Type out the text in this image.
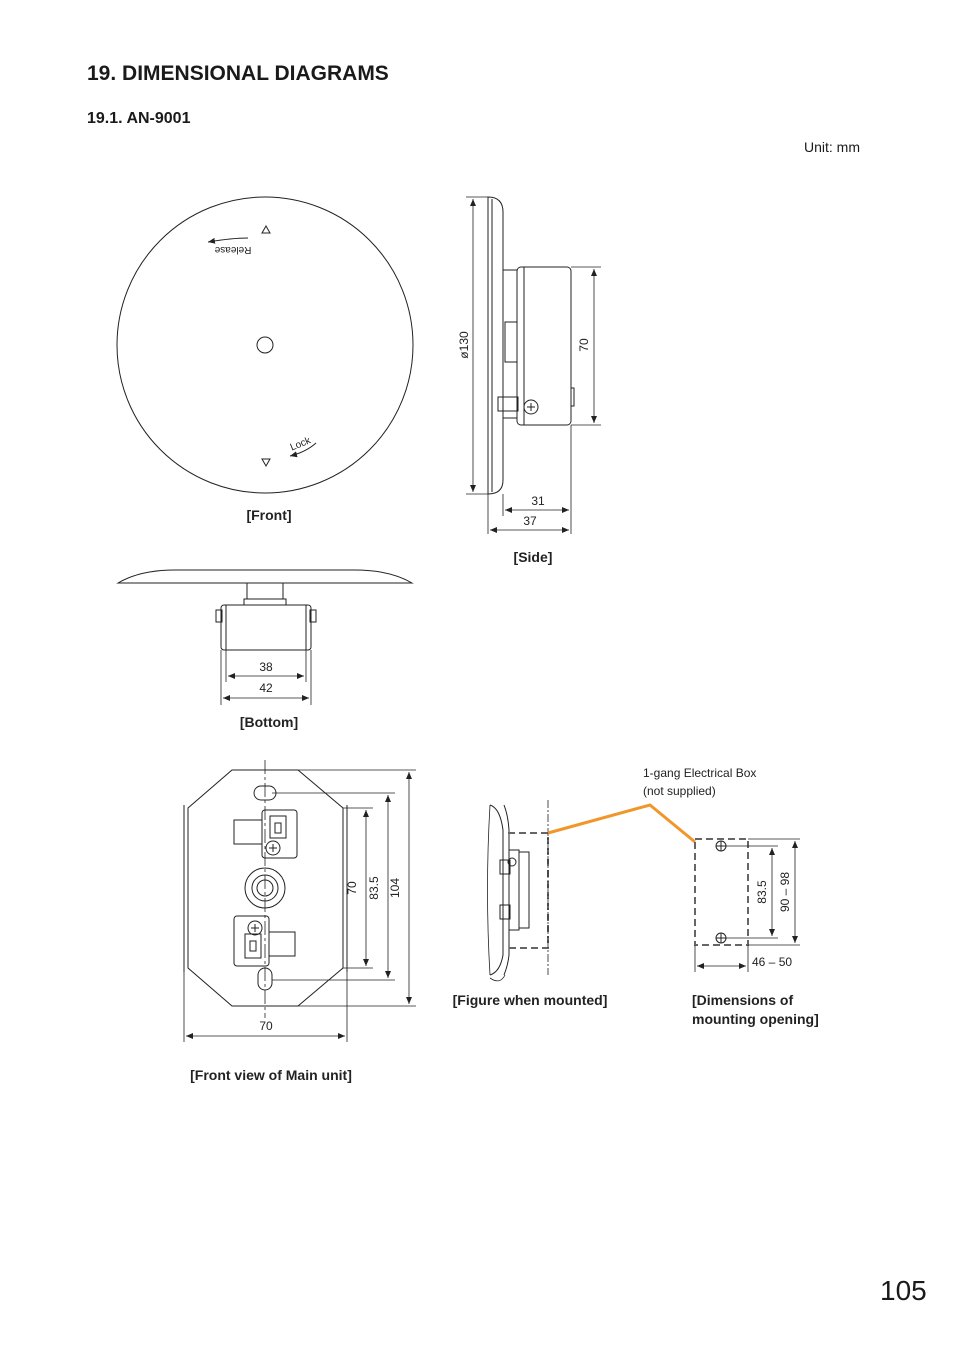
19. DIMENSIONAL DIAGRAMS
19.1. AN-9001
Unit: mm
Release
Lock
[Front]
ø130	70
31
37
[Side]
38
42
[Bottom]
70 83.5 104
70
[Front view of Main unit]
[Figure when mounted]
1-gang Electrical Box
(not supplied)
83.5 90 – 98
46 – 50
[Dimensions of
mounting opening]
105
